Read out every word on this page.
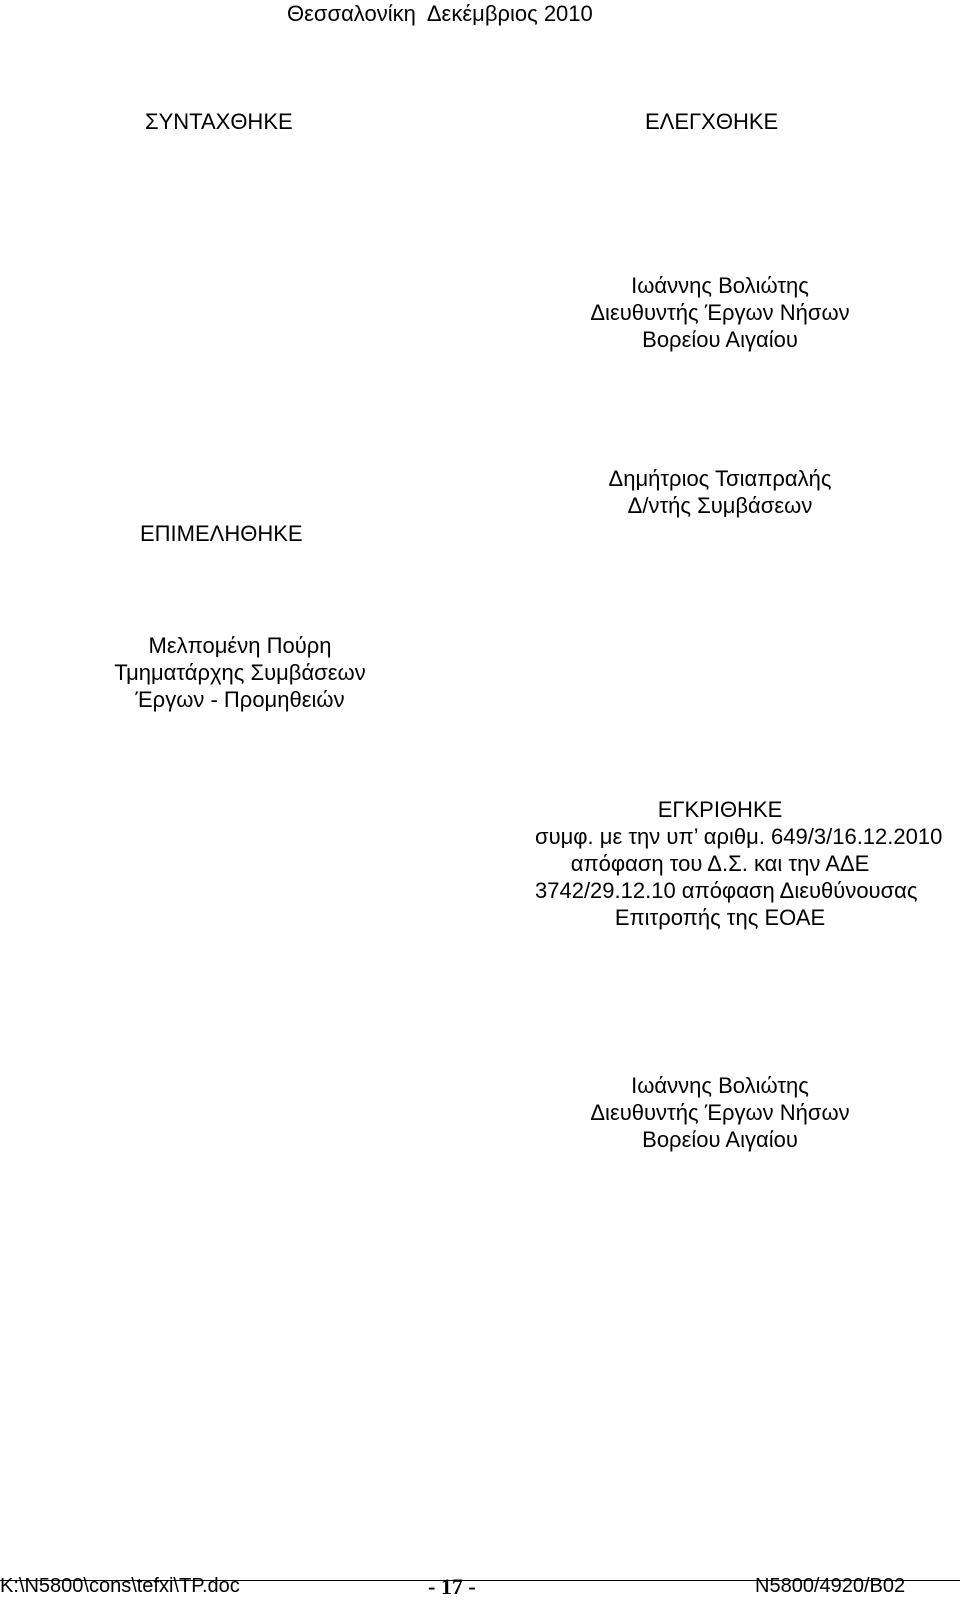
Θεσσαλονίκη  Δεκέμβριος 2010
ΣΥΝΤΑΧΘΗΚΕ	ΕΛΕΓΧΘΗΚΕ
Ιωάννης Βολιώτης
Διευθυντής Έργων Νήσων
Βορείου Αιγαίου
Δημήτριος Τσιαπραλής
Δ/ντής Συμβάσεων
ΕΠΙΜΕΛΗΘΗΚΕ
Μελπομένη Πούρη
Τμηματάρχης Συμβάσεων
Έργων - Προμηθειών
ΕΓΚΡΙΘΗΚΕ
συμφ. με την υπ’ αριθμ. 649/3/16.12.2010
απόφαση του Δ.Σ. και την ΑΔΕ
3742/29.12.10 απόφαση Διευθύνουσας
Επιτροπής της ΕΟΑΕ
Ιωάννης Βολιώτης
Διευθυντής Έργων Νήσων
Βορείου Αιγαίου
K:\N5800\cons\tefxi\TP.doc	- 17 -	N5800/4920/B02
